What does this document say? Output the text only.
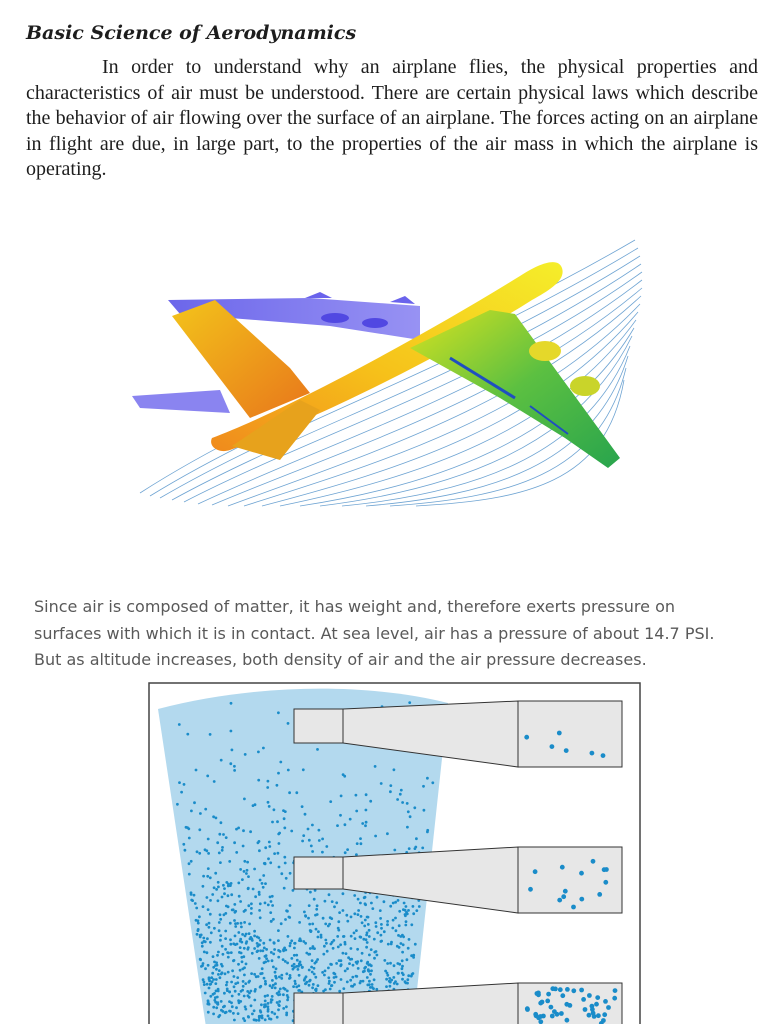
Basic Science of Aerodynamics

In order to understand why an airplane flies, the physical properties and characteristics of air must be understood. There are certain physical laws which describe the behavior of air flowing over the surface of an airplane. The forces acting on an airplane in flight are due, in large part, to the properties of the air mass in which the airplane is operating.

Since air is composed of matter, it has weight and, therefore exerts pressure on surfaces with which it is in contact. At sea level, air has a pressure of about 14.7 PSI. But as altitude increases, both density of air and the air pressure decreases.
